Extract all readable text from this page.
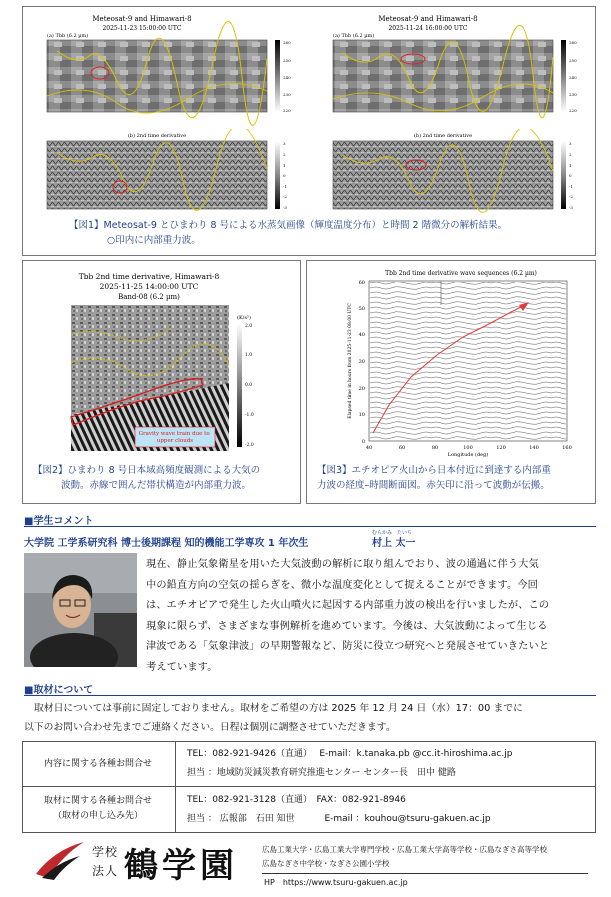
Meteosat-9 and Himawari-8
2025-11-23 15:00:00 UTC
(a) Tbb (6.2 µm)
260
250
240
230
220
Meteosat-9 and Himawari-8
2025-11-24 16:00:00 UTC
(a) Tbb (6.2 µm)
260
250
240
230
220
(b) 2nd time derivative
3
2
1
0
-1
-2
-3
(b) 2nd time derivative
3
2
1
0
-1
-2
-3
【図1】Meteosat-9 とひまわり 8 号による水蒸気画像（輝度温度分布）と時間 2 階微分の解析結果。
○印内に内部重力波。
Tbb 2nd time derivative, Himawari-8
2025-11-25 14:00:00 UTC
Band-08 (6.2 µm)
Gravity wave train due to upper clouds
(K/s²)
2.0
1.0
0.0
-1.0
-2.0
【図2】ひまわり 8 号日本域高頻度観測による大気の
波動。赤線で囲んだ帯状構造が内部重力波。
Tbb 2nd time derivative wave sequences (6.2 µm)
40	60	80	100	120	140	160
0
10
20
30
40
50
60
Longitude (deg)
Elapsed time in hours from 2025-11-23 08:00 UTC
【図3】エチオピア火山から日本付近に到達する内部重
力波の経度–時間断面図。赤矢印に沿って波動が伝搬。
■学生コメント
大学院 工学系研究科 博士後期課程 知的機能工学専攻 1 年次生
むらかみ　たいち
村上 太一
現在、静止気象衛星を用いた大気波動の解析に取り組んでおり、波の通過に伴う大気
中の鉛直方向の空気の揺らぎを、微小な温度変化として捉えることができます。今回
は、エチオピアで発生した火山噴火に起因する内部重力波の検出を行いましたが、この
現象に限らず、さまざまな事例解析を進めています。今後は、大気波動によって生じる
津波である「気象津波」の早期警報など、防災に役立つ研究へと発展させていきたいと
考えています。
■取材について
取材日については事前に固定しておりません。取材をご希望の方は 2025 年 12 月 24 日（水）17：00 までに
以下のお問い合わせ先までご連絡ください。日程は個別に調整させていただきます。
内容に関する各種お問合せ
TEL：082-921-9426（直通）　 E-mail：k.tanaka.pb @cc.it-hiroshima.ac.jp
担当 ：地域防災減災教育研究推進センター センター長　田中 健路
取材に関する各種お問合せ
（取材の申し込み先）
TEL：082-921-3128（直通）　FAX：082-921-8946
担当 ： 広報部　石田 知世　　　 E-mail ：kouhou@tsuru-gakuen.ac.jp
学校
法人 鶴学園	広島工業大学・広島工業大学専門学校・広島工業大学高等学校・広島なぎさ高等学校
広島なぎさ中学校・なぎさ公園小学校
HP　https://www.tsuru-gakuen.ac.jp
